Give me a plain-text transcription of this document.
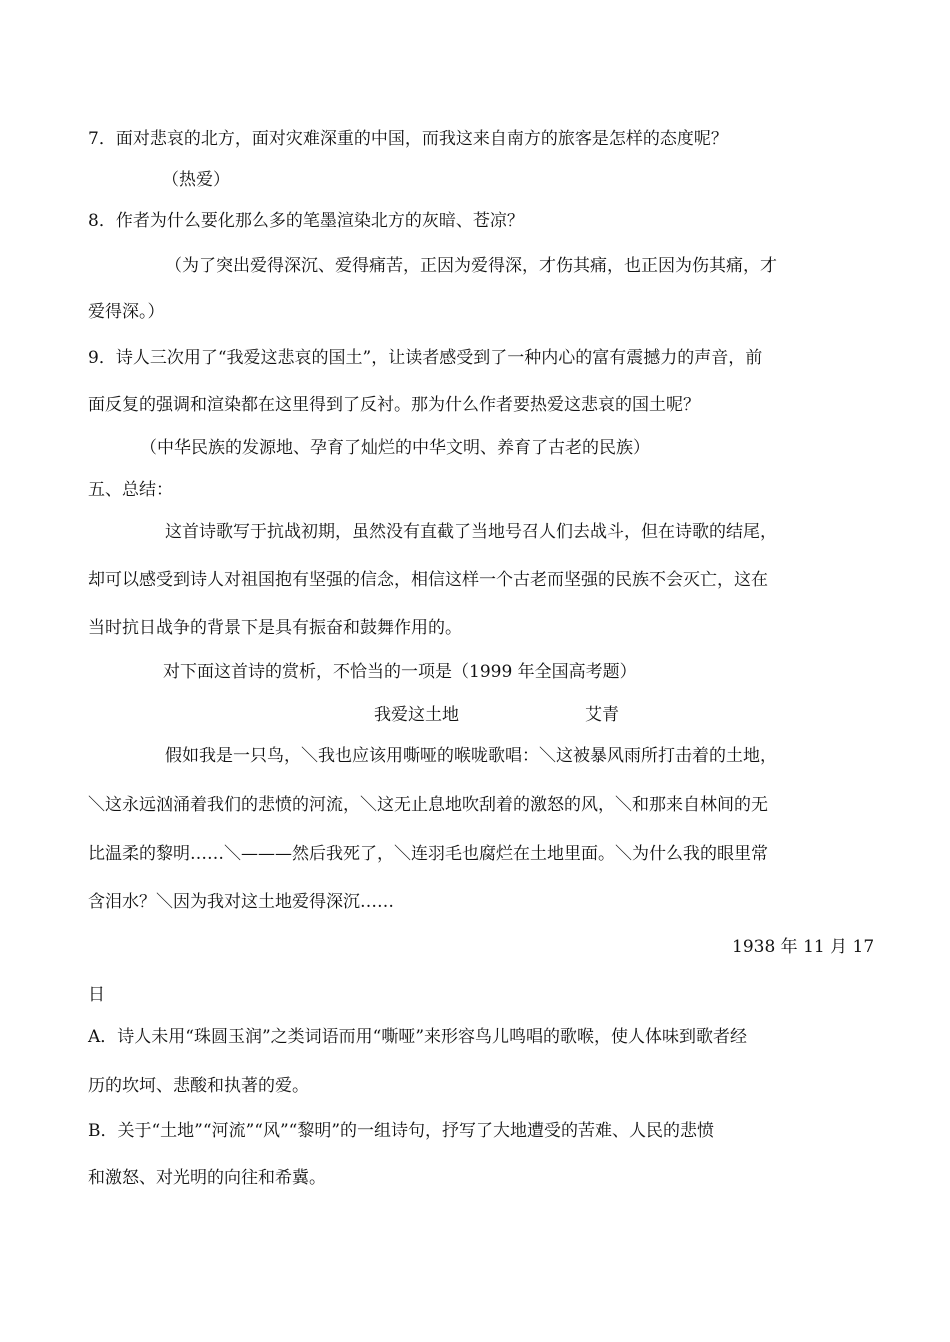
7．面对悲哀的北方，面对灾难深重的中国，而我这来自南方的旅客是怎样的态度呢？
（热爱）
8．作者为什么要化那么多的笔墨渲染北方的灰暗、苍凉？
（为了突出爱得深沉、爱得痛苦，正因为爱得深，才伤其痛，也正因为伤其痛，才
爱得深。）
9．诗人三次用了“我爱这悲哀的国土”，让读者感受到了一种内心的富有震撼力的声音，前
面反复的强调和渲染都在这里得到了反衬。那为什么作者要热爱这悲哀的国土呢？
（中华民族的发源地、孕育了灿烂的中华文明、养育了古老的民族）
五、总结：
这首诗歌写于抗战初期，虽然没有直截了当地号召人们去战斗，但在诗歌的结尾，
却可以感受到诗人对祖国抱有坚强的信念，相信这样一个古老而坚强的民族不会灭亡，这在
当时抗日战争的背景下是具有振奋和鼓舞作用的。
对下面这首诗的赏析，不恰当的一项是（1999 年全国高考题）
我爱这土地	艾青
假如我是一只鸟，＼我也应该用嘶哑的喉咙歌唱：＼这被暴风雨所打击着的土地，
＼这永远汹涌着我们的悲愤的河流，＼这无止息地吹刮着的激怒的风，＼和那来自林间的无
比温柔的黎明……＼———然后我死了，＼连羽毛也腐烂在土地里面。＼为什么我的眼里常
含泪水？＼因为我对这土地爱得深沉……
1938 年 11 月 17
日
A．诗人未用“珠圆玉润”之类词语而用“嘶哑”来形容鸟儿鸣唱的歌喉，使人体味到歌者经
历的坎坷、悲酸和执著的爱。
B．关于“土地”“河流”“风”“黎明”的一组诗句，抒写了大地遭受的苦难、人民的悲愤
和激怒、对光明的向往和希冀。
